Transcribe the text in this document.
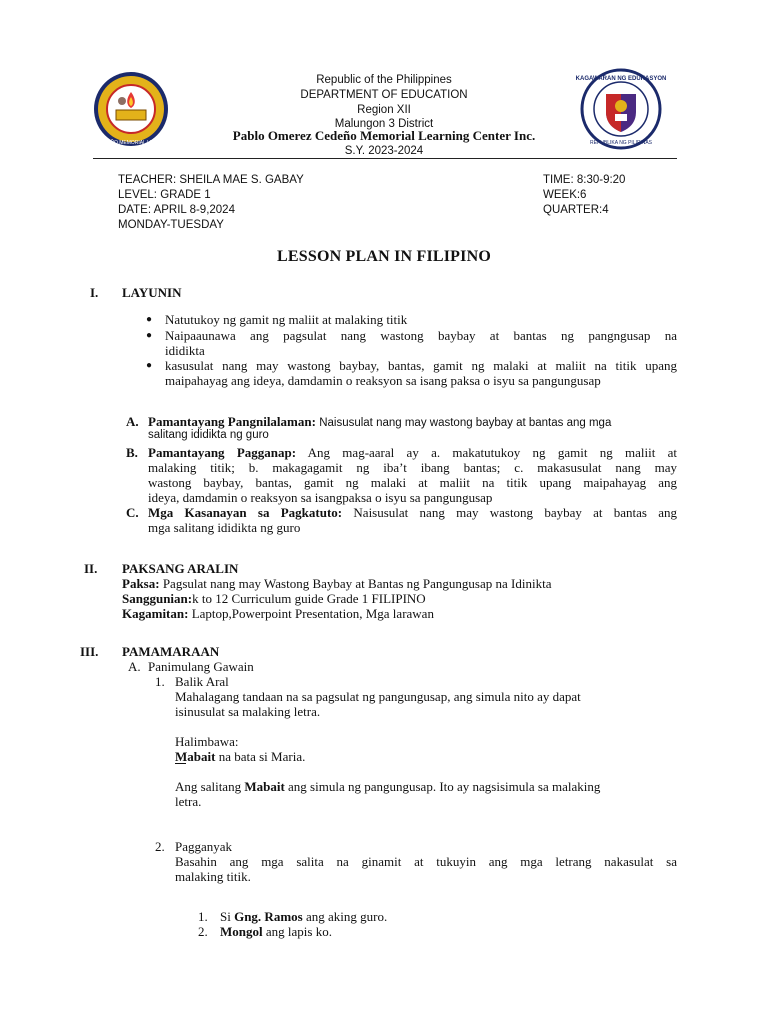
PABLO OMEREZ CEDEÑO MEMORIAL LEARNING CENTER INC.
KAGAWARAN NG EDUKASYON
REPUBLIKA NG PILIPINAS
Republic of the Philippines
DEPARTMENT OF EDUCATION
Region XII
Malungon 3 District
Pablo Omerez Cedeño Memorial Learning Center Inc.
S.Y. 2023-2024
TEACHER: SHEILA MAE S. GABAY
LEVEL: GRADE 1
DATE: APRIL 8-9,2024
MONDAY-TUESDAY
TIME: 8:30-9:20
WEEK:6
QUARTER:4
LESSON PLAN IN FILIPINO
I. LAYUNIN
● Natutukoy ng gamit ng maliit at malaking titik
● Naipaaunawa ang pagsulat nang wastong baybay at bantas ng pangngusap na
ididikta
● kasusulat nang may wastong baybay, bantas, gamit ng malaki at maliit na titik upang
maipahayag ang ideya, damdamin o reaksyon sa isang paksa o isyu sa pangungusap
A. Pamantayang Pangnilalaman: Naisusulat nang may wastong baybay at bantas ang mga
salitang ididikta ng guro
B. Pamantayang Pagganap: Ang mag-aaral ay a. makatutukoy ng gamit ng maliit at
malaking titik; b. makagagamit ng iba’t ibang bantas; c. makasusulat nang may
wastong baybay, bantas, gamit ng malaki at maliit na titik upang maipahayag ang
ideya, damdamin o reaksyon sa isangpaksa o isyu sa pangungusap
C. Mga Kasanayan sa Pagkatuto: Naisusulat nang may wastong baybay at bantas ang
mga salitang ididikta ng guro
II. PAKSANG ARALIN
Paksa: Pagsulat nang may Wastong Baybay at Bantas ng Pangungusap na Idinikta
Sanggunian:k to 12 Curriculum guide Grade 1 FILIPINO
Kagamitan: Laptop,Powerpoint Presentation, Mga larawan
III. PAMAMARAAN
A. Panimulang Gawain
1. Balik Aral
Mahalagang tandaan na sa pagsulat ng pangungusap, ang simula nito ay dapat
isinusulat sa malaking letra.
Halimbawa:
Mabait na bata si Maria.
Ang salitang Mabait ang simula ng pangungusap. Ito ay nagsisimula sa malaking
letra.
2. Pagganyak
Basahin ang mga salita na ginamit at tukuyin ang mga letrang nakasulat sa
malaking titik.
1. Si Gng. Ramos ang aking guro.
2. Mongol ang lapis ko.
